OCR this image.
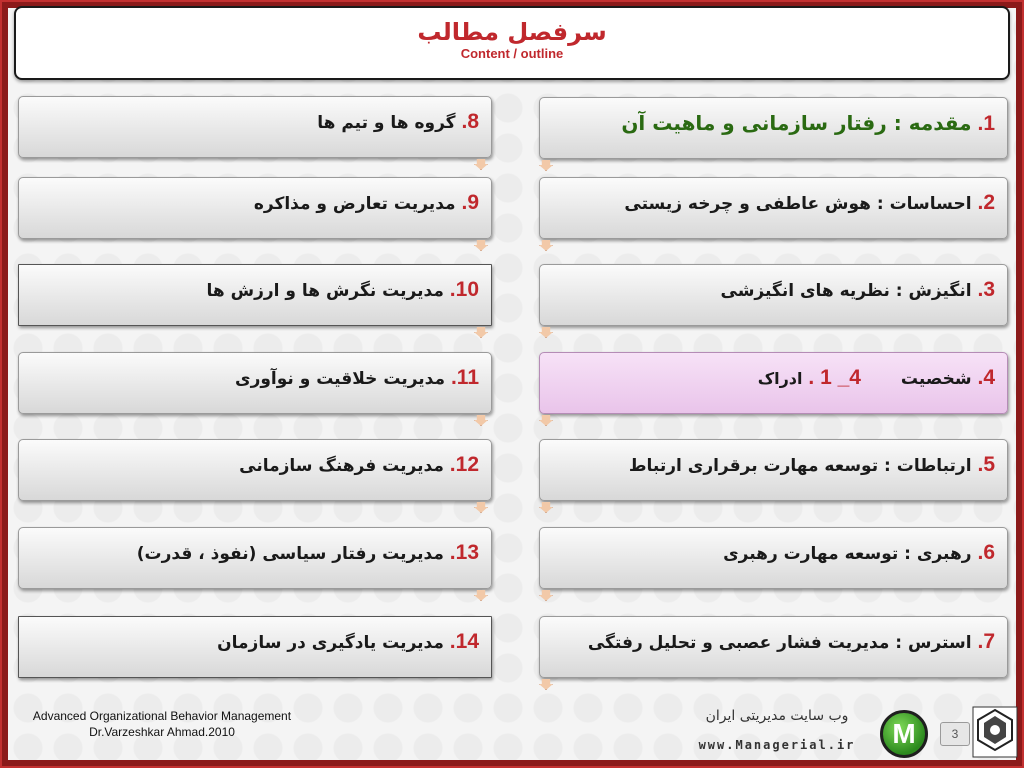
سرفصل مطالب
Content / outline
1. مقدمه : رفتار سازمانی و ماهیت آن
2. احساسات : هوش عاطفی و چرخه زیستی
3. انگیزش : نظریه های انگیزشی
4. شخصیت 4_ 1 . ادراک
5. ارتباطات : توسعه مهارت برقراری ارتباط
6. رهبری : توسعه مهارت رهبری
7. استرس : مدیریت فشار عصبی و تحلیل رفتگی
8. گروه ها و تیم ها
9. مدیریت تعارض و مذاکره
10. مدیریت نگرش ها و ارزش ها
11. مدیریت خلاقیت و نوآوری
12. مدیریت فرهنگ سازمانی
13. مدیریت رفتار سیاسی (نفوذ ، قدرت)
14. مدیریت یادگیری در سازمان
Advanced Organizational Behavior Management
Dr.Varzeshkar Ahmad.2010
وب سایت مدیریتی ایران
www.Managerial.ir	M	3
